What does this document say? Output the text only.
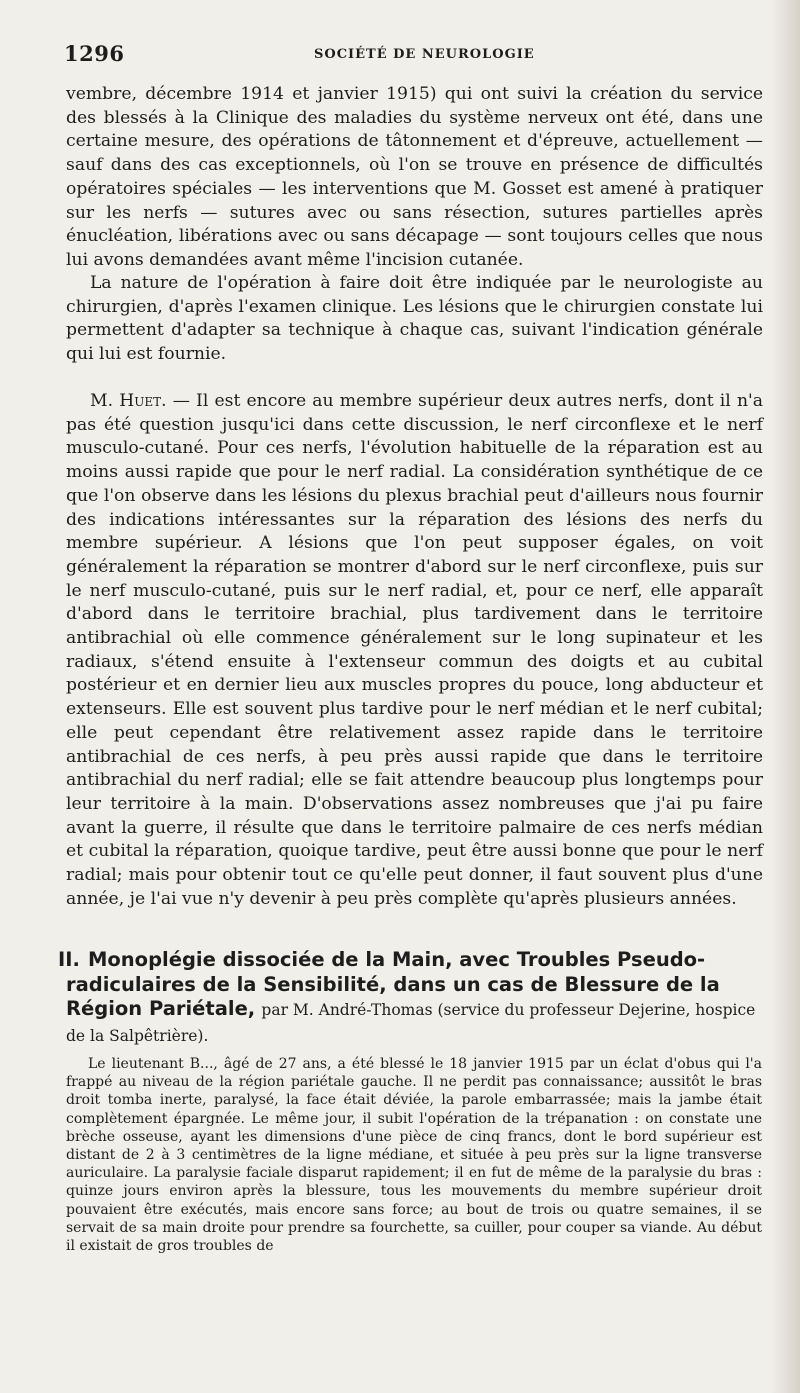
1296	SOCIÉTÉ DE NEUROLOGIE

vembre, décembre 1914 et janvier 1915) qui ont suivi la création du service des blessés à la Clinique des maladies du système nerveux ont été, dans une certaine mesure, des opérations de tâtonnement et d'épreuve, actuellement — sauf dans des cas exceptionnels, où l'on se trouve en présence de difficultés opératoires spéciales — les interventions que M. Gosset est amené à pratiquer sur les nerfs — sutures avec ou sans résection, sutures partielles après énucléation, libérations avec ou sans décapage — sont toujours celles que nous lui avons demandées avant même l'incision cutanée.

La nature de l'opération à faire doit être indiquée par le neurologiste au chirurgien, d'après l'examen clinique. Les lésions que le chirurgien constate lui permettent d'adapter sa technique à chaque cas, suivant l'indication générale qui lui est fournie.

M. Huet. — Il est encore au membre supérieur deux autres nerfs, dont il n'a pas été question jusqu'ici dans cette discussion, le nerf circonflexe et le nerf musculo-cutané. Pour ces nerfs, l'évolution habituelle de la réparation est au moins aussi rapide que pour le nerf radial. La considération synthétique de ce que l'on observe dans les lésions du plexus brachial peut d'ailleurs nous fournir des indications intéressantes sur la réparation des lésions des nerfs du membre supérieur. A lésions que l'on peut supposer égales, on voit généralement la réparation se montrer d'abord sur le nerf circonflexe, puis sur le nerf musculo-cutané, puis sur le nerf radial, et, pour ce nerf, elle apparaît d'abord dans le territoire brachial, plus tardivement dans le territoire antibrachial où elle commence généralement sur le long supinateur et les radiaux, s'étend ensuite à l'extenseur commun des doigts et au cubital postérieur et en dernier lieu aux muscles propres du pouce, long abducteur et extenseurs. Elle est souvent plus tardive pour le nerf médian et le nerf cubital; elle peut cependant être relativement assez rapide dans le territoire antibrachial de ces nerfs, à peu près aussi rapide que dans le territoire antibrachial du nerf radial; elle se fait attendre beaucoup plus longtemps pour leur territoire à la main. D'observations assez nombreuses que j'ai pu faire avant la guerre, il résulte que dans le territoire palmaire de ces nerfs médian et cubital la réparation, quoique tardive, peut être aussi bonne que pour le nerf radial; mais pour obtenir tout ce qu'elle peut donner, il faut souvent plus d'une année, je l'ai vue n'y devenir à peu près complète qu'après plusieurs années.

II. Monoplégie dissociée de la Main, avec Troubles Pseudo-radiculaires de la Sensibilité, dans un cas de Blessure de la Région Pariétale, par M. André-Thomas (service du professeur Dejerine, hospice de la Salpêtrière).

Le lieutenant B..., âgé de 27 ans, a été blessé le 18 janvier 1915 par un éclat d'obus qui l'a frappé au niveau de la région pariétale gauche. Il ne perdit pas connaissance; aussitôt le bras droit tomba inerte, paralysé, la face était déviée, la parole embarrassée; mais la jambe était complètement épargnée. Le même jour, il subit l'opération de la trépanation : on constate une brèche osseuse, ayant les dimensions d'une pièce de cinq francs, dont le bord supérieur est distant de 2 à 3 centimètres de la ligne médiane, et située à peu près sur la ligne transverse auriculaire. La paralysie faciale disparut rapidement; il en fut de même de la paralysie du bras : quinze jours environ après la blessure, tous les mouvements du membre supérieur droit pouvaient être exécutés, mais encore sans force; au bout de trois ou quatre semaines, il se servait de sa main droite pour prendre sa fourchette, sa cuiller, pour couper sa viande. Au début il existait de gros troubles de
